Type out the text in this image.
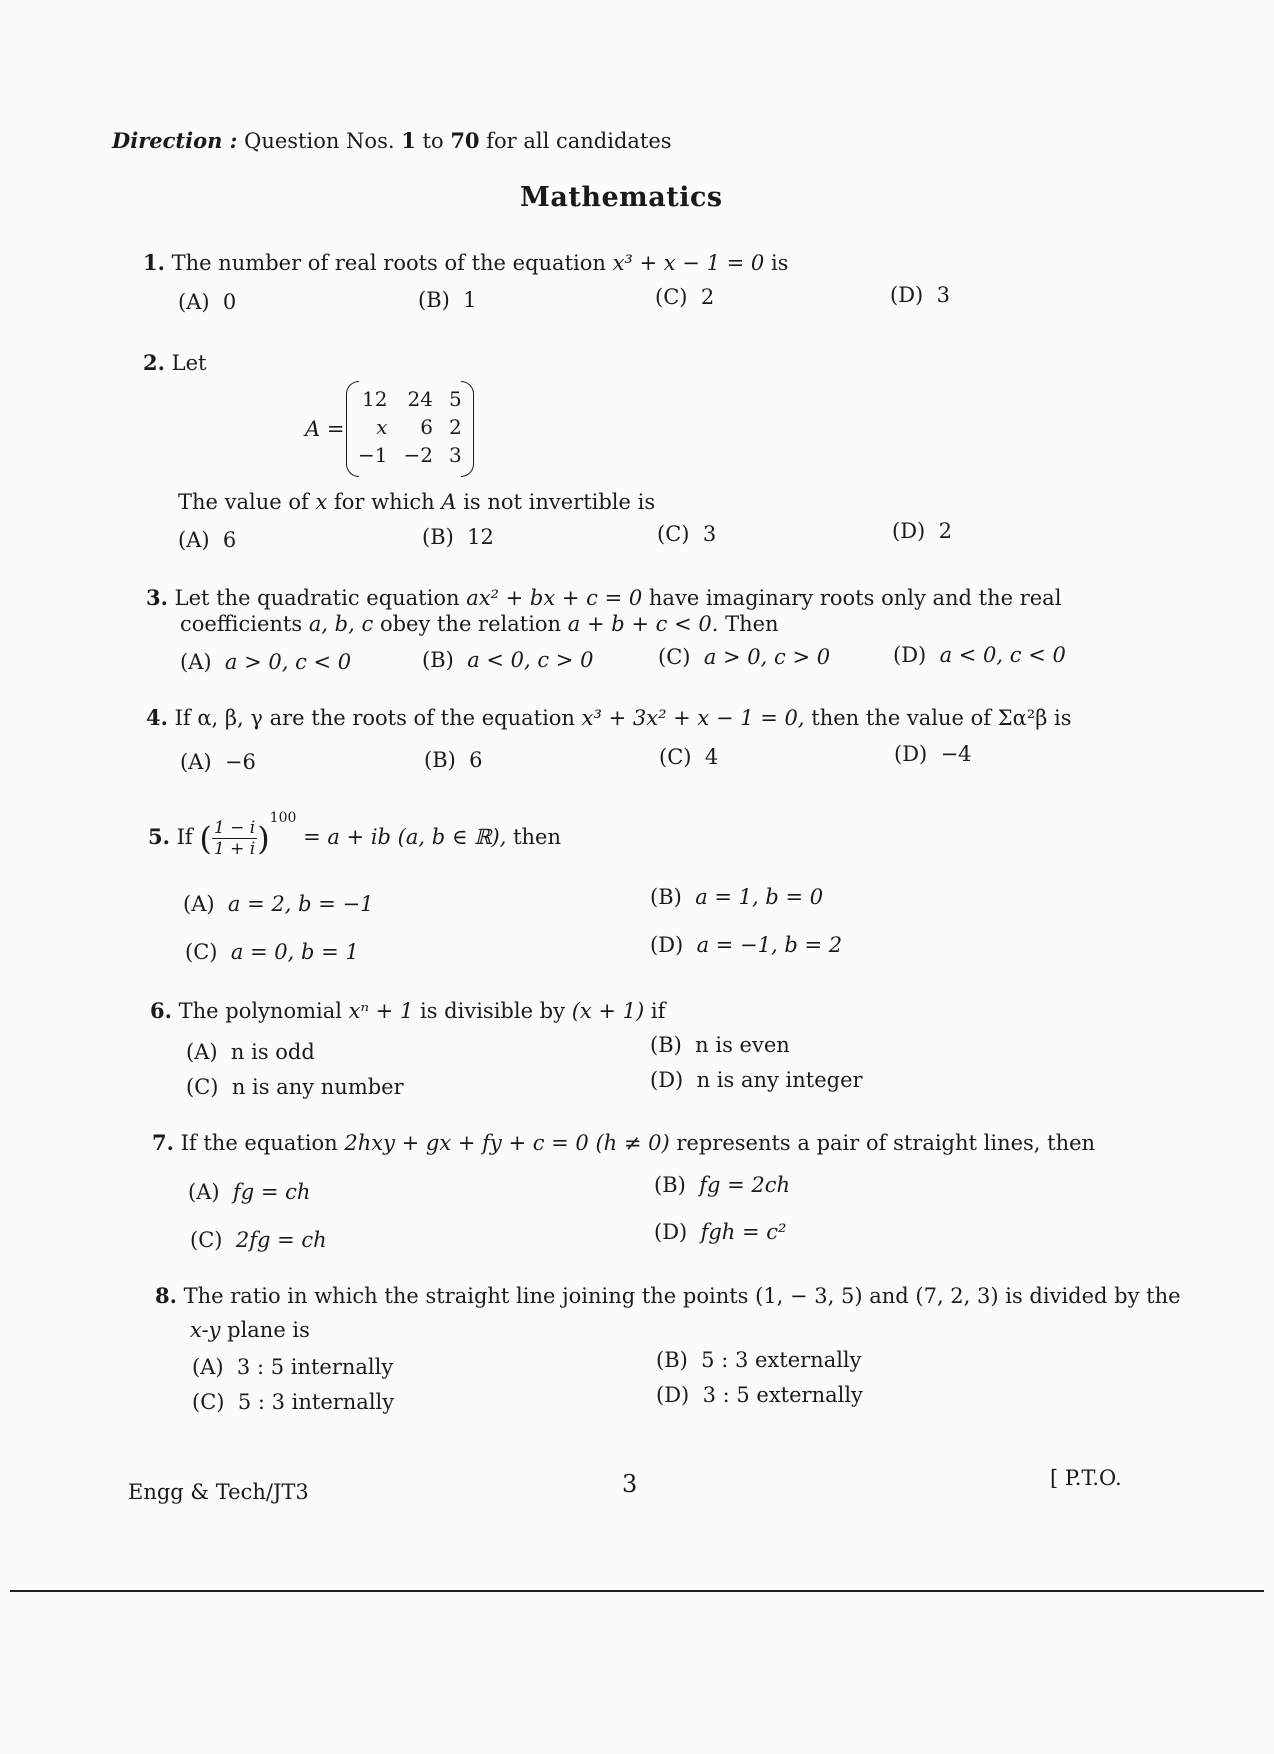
Direction : Question Nos. 1 to 70 for all candidates
Mathematics
1. The number of real roots of the equation x³ + x − 1 = 0 is
(A)  0	(B)  1	(C)  2	(D)  3
2. Let
A =
12	24	5
x	6	2
−1	−2	3
The value of x for which A is not invertible is
(A)  6	(B)  12	(C)  3	(D)  2
3. Let the quadratic equation ax² + bx + c = 0 have imaginary roots only and the real
coefficients a, b, c obey the relation a + b + c < 0. Then
(A)  a > 0, c < 0	(B)  a < 0, c > 0	(C)  a > 0, c > 0	(D)  a < 0, c < 0
4. If α, β, γ are the roots of the equation x³ + 3x² + x − 1 = 0, then the value of Σα²β is
(A)  −6	(B)  6	(C)  4	(D)  −4
5. If ( $\frac{1 - i}{1 + i} )^{100} = a$ + ib (a, b ∈ ℝ), then
(A)  a = 2, b = −1	(B)  a = 1, b = 0
(C)  a = 0, b = 1	(D)  a = −1, b = 2
6. The polynomial xⁿ + 1 is divisible by (x + 1) if
(A)  n is odd	(B)  n is even
(C)  n is any number	(D)  n is any integer
7. If the equation 2hxy + gx + fy + c = 0 (h ≠ 0) represents a pair of straight lines, then
(A)  fg = ch	(B)  fg = 2ch
(C)  2fg = ch	(D)  fgh = c²
8. The ratio in which the straight line joining the points (1, − 3, 5) and (7, 2, 3) is divided by the
x-y plane is
(A)  3 : 5 internally	(B)  5 : 3 externally
(C)  5 : 3 internally	(D)  3 : 5 externally
Engg & Tech/JT3	3	[ P.T.O.
